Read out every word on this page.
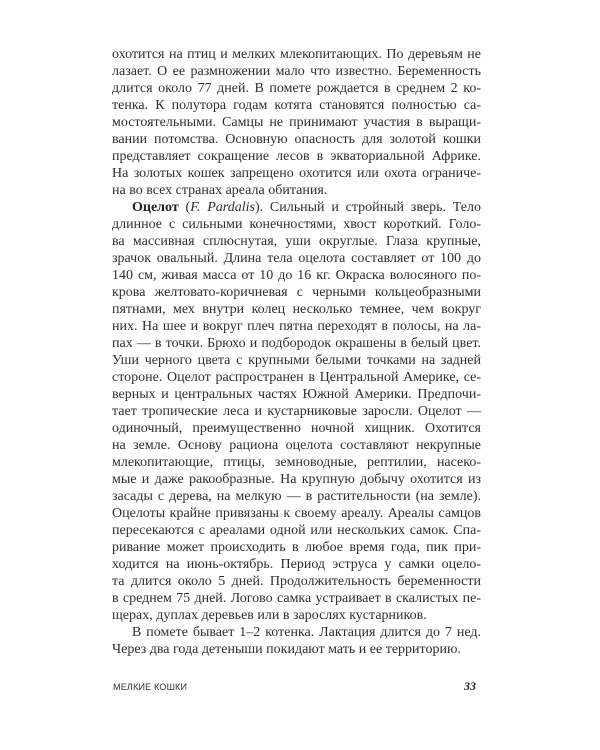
охотится на птиц и мелких млекопитающих. По деревьям не
лазает. О ее размножении мало что известно. Беременность
длится около 77 дней. В помете рождается в среднем 2 ко-
тенка. К полутора годам котята становятся полностью са-
мостоятельными. Самцы не принимают участия в выращи-
вании потомства. Основную опасность для золотой кошки
представляет сокращение лесов в экваториальной Африке.
На золотых кошек запрещено охотится или охота ограниче-
на во всех странах ареала обитания.
Оцелот (F. Pardalis). Сильный и стройный зверь. Тело
длинное с сильными конечностями, хвост короткий. Голо-
ва массивная сплюснутая, уши округлые. Глаза крупные,
зрачок овальный. Длина тела оцелота составляет от 100 до
140 см, живая масса от 10 до 16 кг. Окраска волосяного по-
крова желтовато-коричневая с черными кольцеобразными
пятнами, мех внутри колец несколько темнее, чем вокруг
них. На шее и вокруг плеч пятна переходят в полосы, на ла-
пах — в точки. Брюхо и подбородок окрашены в белый цвет.
Уши черного цвета с крупными белыми точками на задней
стороне. Оцелот распространен в Центральной Америке, се-
верных и центральных частях Южной Америки. Предпочи-
тает тропические леса и кустарниковые заросли. Оцелот —
одиночный, преимущественно ночной хищник. Охотится
на земле. Основу рациона оцелота составляют некрупные
млекопитающие, птицы, земноводные, рептилии, насеко-
мые и даже ракообразные. На крупную добычу охотится из
засады с дерева, на мелкую — в растительности (на земле).
Оцелоты крайне привязаны к своему ареалу. Ареалы самцов
пересекаются с ареалами одной или нескольких самок. Спа-
ривание может происходить в любое время года, пик при-
ходится на июнь-октябрь. Период эструса у самки оцело-
та длится около 5 дней. Продолжительность беременности
в среднем 75 дней. Логово самка устраивает в скалистых пе-
щерах, дуплах деревьев или в зарослях кустарников.
В помете бывает 1–2 котенка. Лактация длится до 7 нед.
Через два года детеныши покидают мать и ее территорию.
МЕЛКИЕ КОШКИ	33
